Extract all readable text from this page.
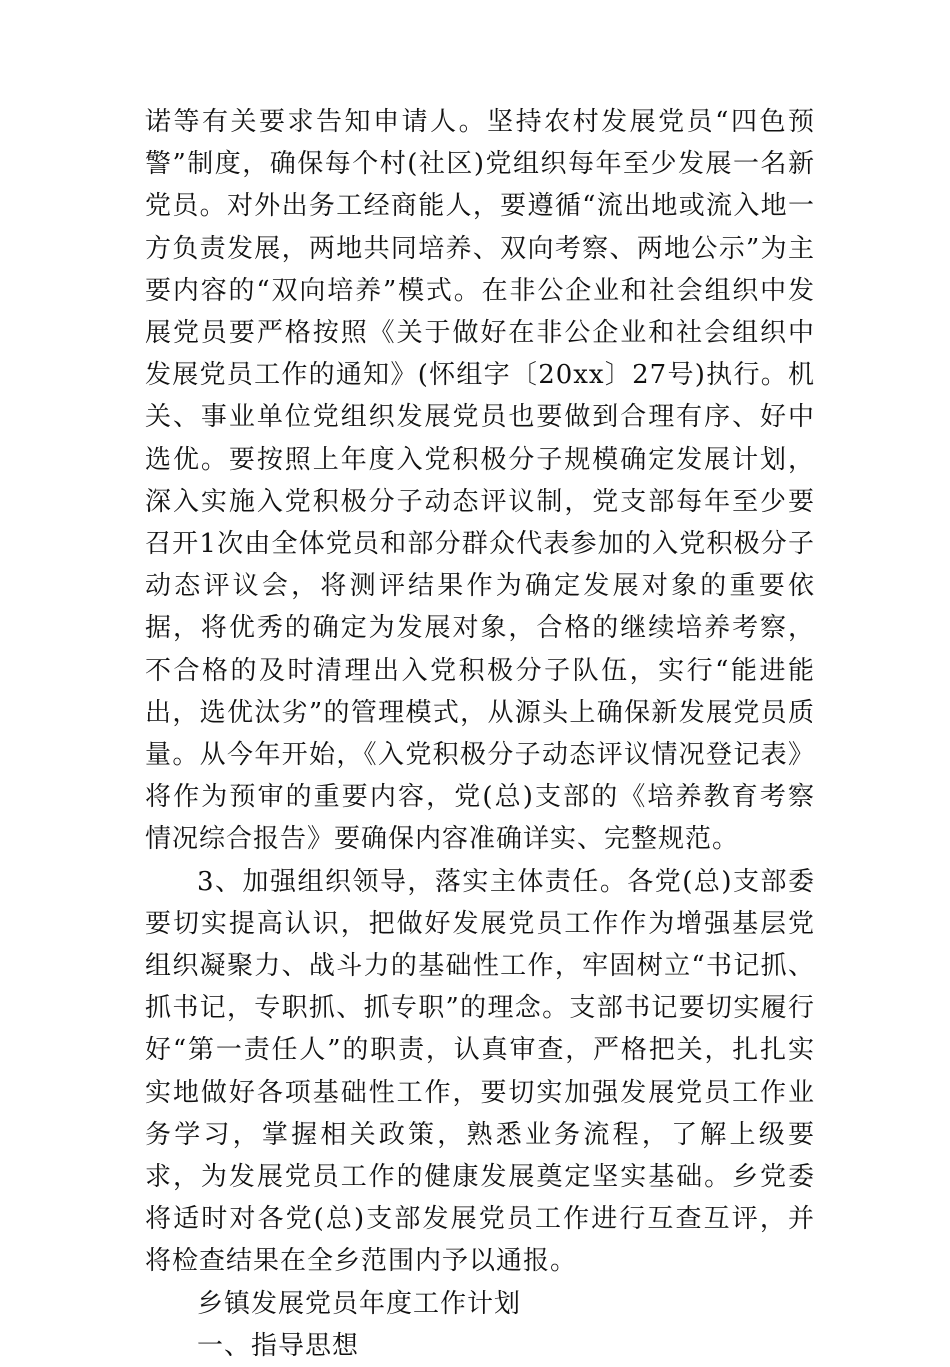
诺等有关要求告知申请人。坚持农村发展党员“四色预警”制度，确保每个村(社区)党组织每年至少发展一名新党员。对外出务工经商能人，要遵循“流出地或流入地一方负责发展，两地共同培养、双向考察、两地公示”为主要内容的“双向培养”模式。在非公企业和社会组织中发展党员要严格按照《关于做好在非公企业和社会组织中发展党员工作的通知》(怀组字〔20xx〕27号)执行。机关、事业单位党组织发展党员也要做到合理有序、好中选优。要按照上年度入党积极分子规模确定发展计划，深入实施入党积极分子动态评议制，党支部每年至少要召开1次由全体党员和部分群众代表参加的入党积极分子动态评议会，将测评结果作为确定发展对象的重要依据，将优秀的确定为发展对象，合格的继续培养考察，不合格的及时清理出入党积极分子队伍，实行“能进能出，选优汰劣”的管理模式，从源头上确保新发展党员质量。从今年开始，《入党积极分子动态评议情况登记表》将作为预审的重要内容，党(总)支部的《培养教育考察情况综合报告》要确保内容准确详实、完整规范。

3、加强组织领导，落实主体责任。各党(总)支部委要切实提高认识，把做好发展党员工作作为增强基层党组织凝聚力、战斗力的基础性工作，牢固树立“书记抓、抓书记，专职抓、抓专职”的理念。支部书记要切实履行好“第一责任人”的职责，认真审查，严格把关，扎扎实实地做好各项基础性工作，要切实加强发展党员工作业务学习，掌握相关政策，熟悉业务流程，了解上级要求，为发展党员工作的健康发展奠定坚实基础。乡党委将适时对各党(总)支部发展党员工作进行互查互评，并将检查结果在全乡范围内予以通报。

乡镇发展党员年度工作计划

一、指导思想
